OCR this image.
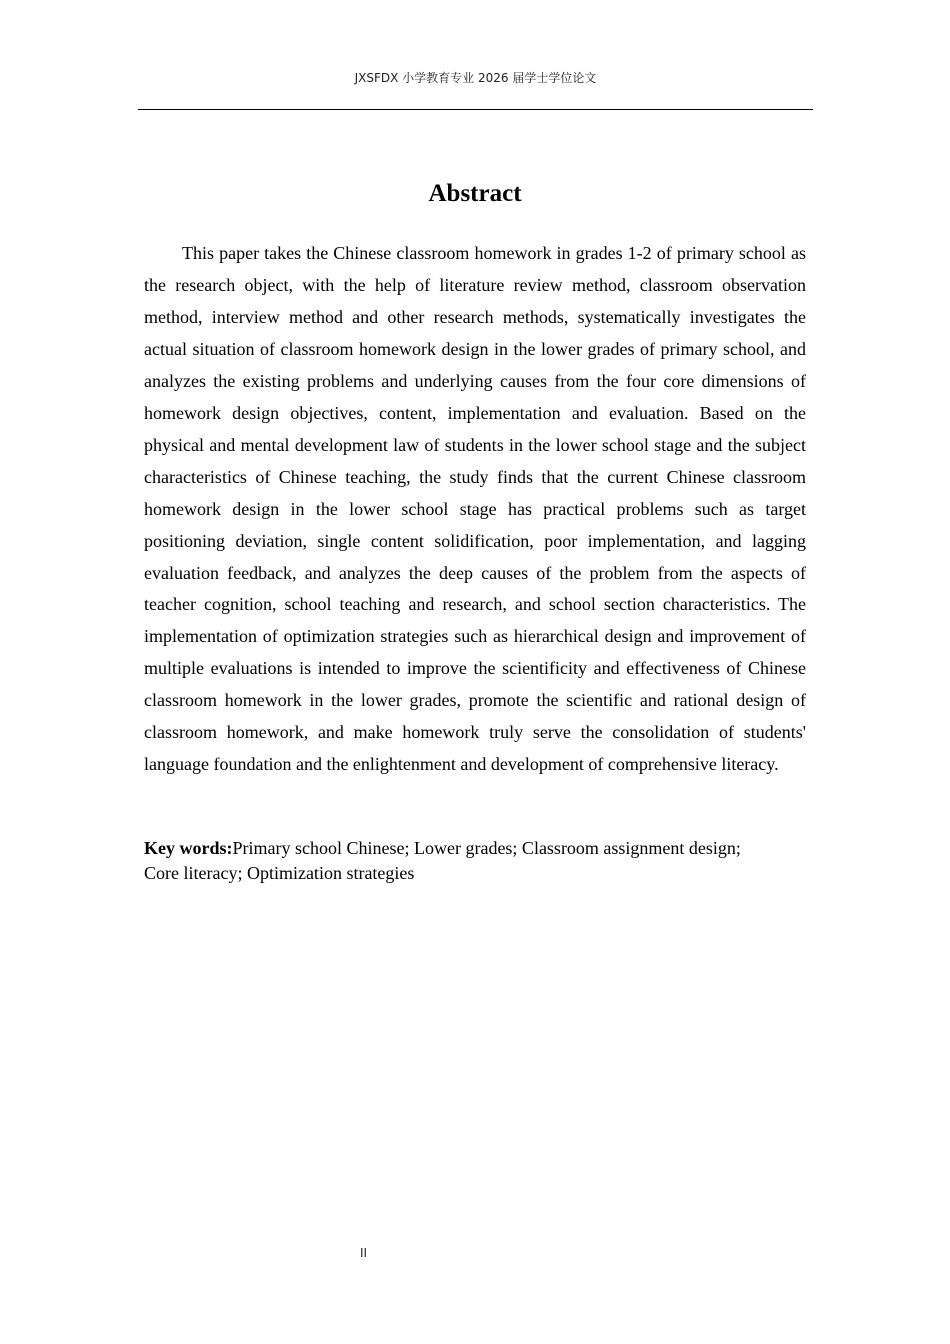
JXSFDX 小学教育专业 2026 届学士学位论文
Abstract

This paper takes the Chinese classroom homework in grades 1-2 of primary school as the research object, with the help of literature review method, classroom observation method, interview method and other research methods, systematically investigates the actual situation of classroom homework design in the lower grades of primary school, and analyzes the existing problems and underlying causes from the four core dimensions of homework design objectives, content, implementation and evaluation. Based on the physical and mental development law of students in the lower school stage and the subject characteristics of Chinese teaching, the study finds that the current Chinese classroom homework design in the lower school stage has practical problems such as target positioning deviation, single content solidification, poor implementation, and lagging evaluation feedback, and analyzes the deep causes of the problem from the aspects of teacher cognition, school teaching and research, and school section characteristics. The implementation of optimization strategies such as hierarchical design and improvement of multiple evaluations is intended to improve the scientificity and effectiveness of Chinese classroom homework in the lower grades, promote the scientific and rational design of classroom homework, and make homework truly serve the consolidation of students' language foundation and the enlightenment and development of comprehensive literacy.

Key words:Primary school Chinese; Lower grades; Classroom assignment design;
Core literacy; Optimization strategies

II
